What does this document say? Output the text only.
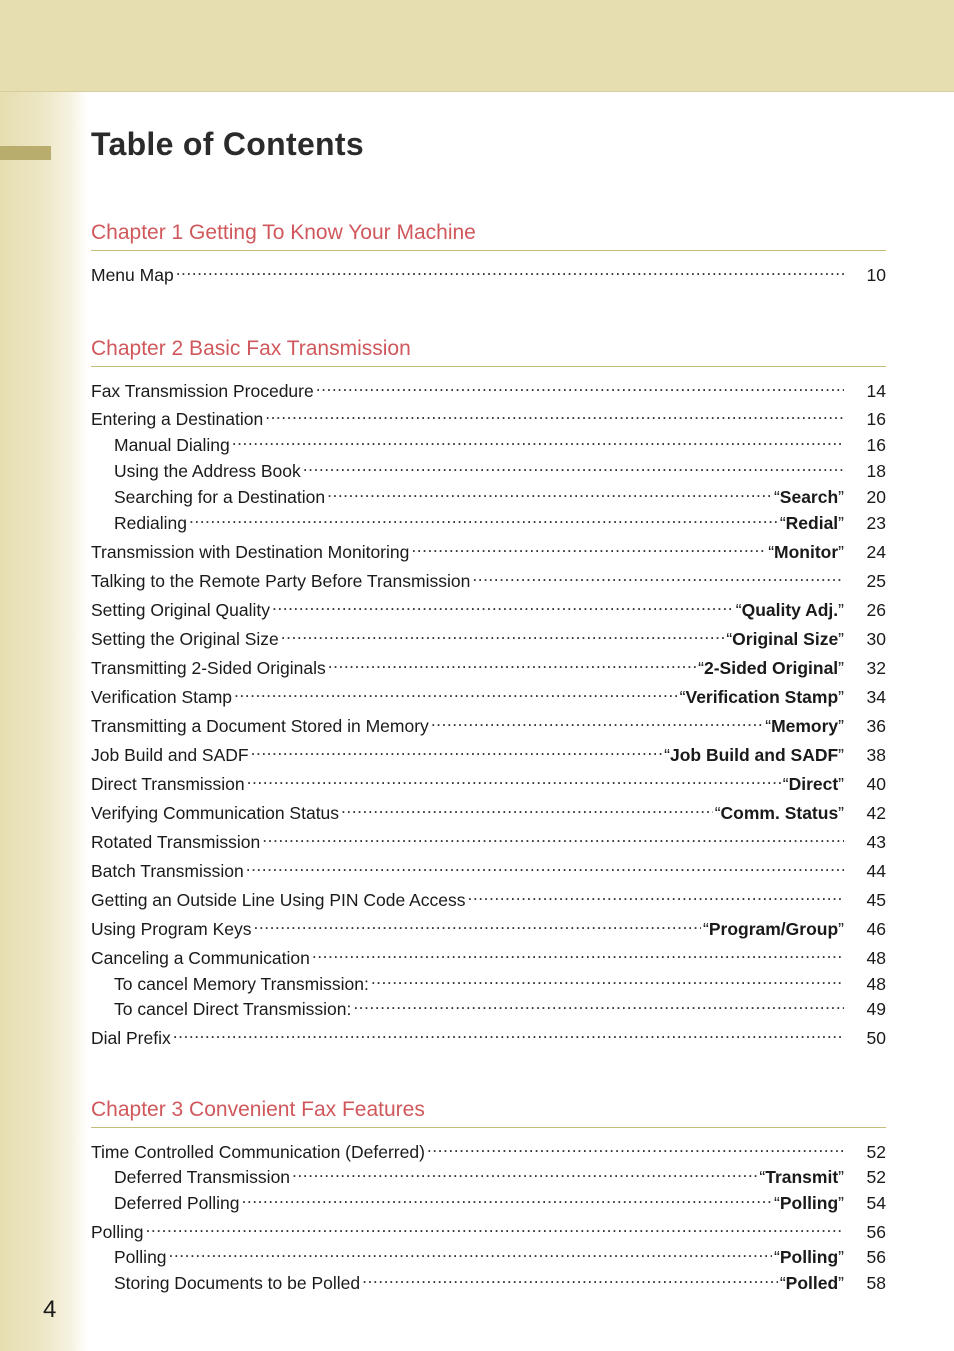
Table of Contents
Chapter 1 Getting To Know Your Machine
Menu Map .....	10
Chapter 2 Basic Fax Transmission
Fax Transmission Procedure .....	14
Entering a Destination .....	16
Manual Dialing .....	16
Using the Address Book .....	18
Searching for a Destination .....	“Search”	20
Redialing .....	“Redial”	23
Transmission with Destination Monitoring .....	“Monitor”	24
Talking to the Remote Party Before Transmission .....	25
Setting Original Quality .....	“Quality Adj.”	26
Setting the Original Size .....	“Original Size”	30
Transmitting 2-Sided Originals .....	“2-Sided Original”	32
Verification Stamp .....	“Verification Stamp”	34
Transmitting a Document Stored in Memory .....	“Memory”	36
Job Build and SADF .....	“Job Build and SADF”	38
Direct Transmission .....	“Direct”	40
Verifying Communication Status .....	“Comm. Status”	42
Rotated Transmission .....	43
Batch Transmission .....	44
Getting an Outside Line Using PIN Code Access .....	45
Using Program Keys .....	“Program/Group”	46
Canceling a Communication .....	48
To cancel Memory Transmission: .....	48
To cancel Direct Transmission: .....	49
Dial Prefix .....	50
Chapter 3 Convenient Fax Features
Time Controlled Communication (Deferred) .....	52
Deferred Transmission .....	“Transmit”	52
Deferred Polling .....	“Polling”	54
Polling .....	56
Polling .....	“Polling”	56
Storing Documents to be Polled .....	“Polled”	58
4
